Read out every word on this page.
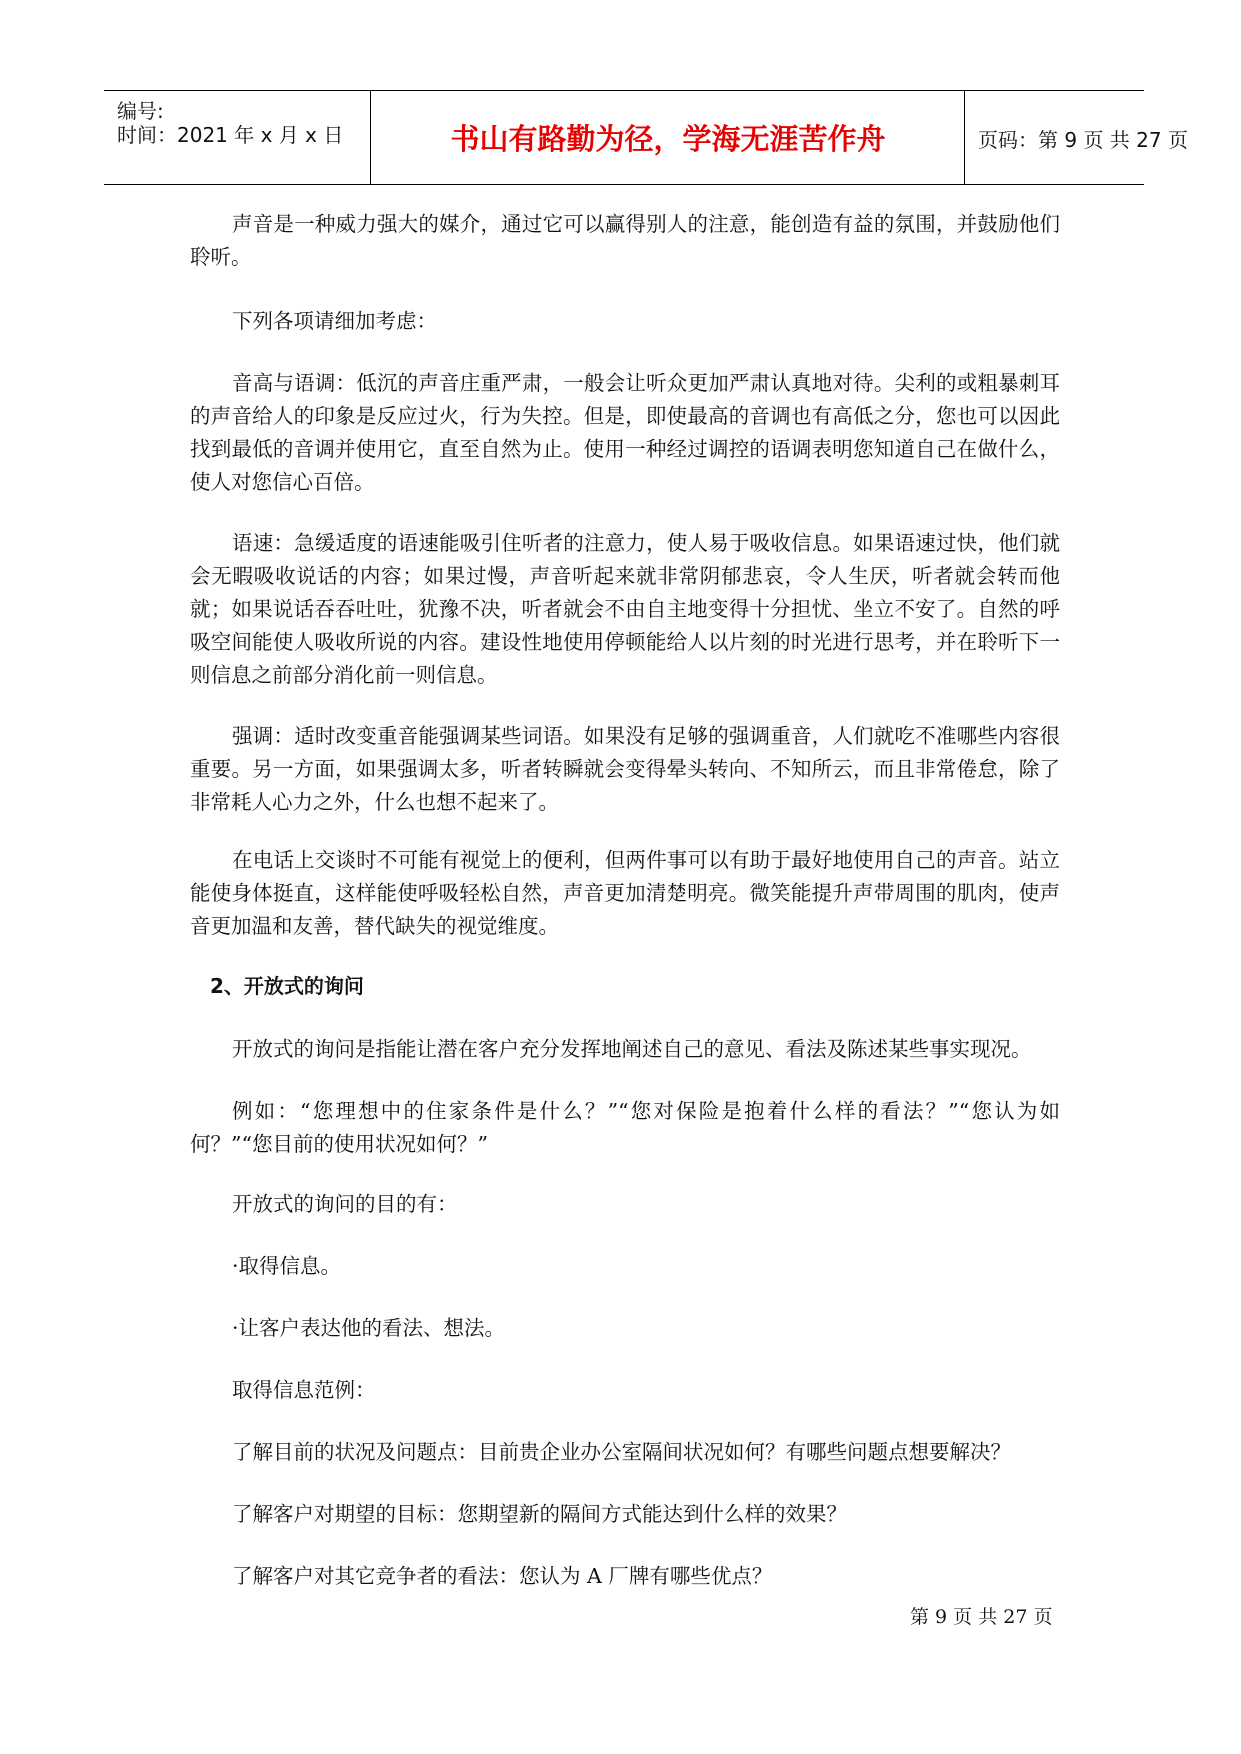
编号:
时间：2021 年 x 月 x 日	书山有路勤为径，学海无涯苦作舟	页码：第 9 页 共 27 页

声音是一种威力强大的媒介，通过它可以赢得别人的注意，能创造有益的氛围，并鼓励他们聆听。

下列各项请细加考虑：

音高与语调：低沉的声音庄重严肃，一般会让听众更加严肃认真地对待。尖利的或粗暴刺耳的声音给人的印象是反应过火，行为失控。但是，即使最高的音调也有高低之分，您也可以因此找到最低的音调并使用它，直至自然为止。使用一种经过调控的语调表明您知道自己在做什么，使人对您信心百倍。

语速：急缓适度的语速能吸引住听者的注意力，使人易于吸收信息。如果语速过快，他们就会无暇吸收说话的内容；如果过慢，声音听起来就非常阴郁悲哀，令人生厌，听者就会转而他就；如果说话吞吞吐吐，犹豫不决，听者就会不由自主地变得十分担忧、坐立不安了。自然的呼吸空间能使人吸收所说的内容。建设性地使用停顿能给人以片刻的时光进行思考，并在聆听下一则信息之前部分消化前一则信息。

强调：适时改变重音能强调某些词语。如果没有足够的强调重音，人们就吃不准哪些内容很重要。另一方面，如果强调太多，听者转瞬就会变得晕头转向、不知所云，而且非常倦怠，除了非常耗人心力之外，什么也想不起来了。

在电话上交谈时不可能有视觉上的便利，但两件事可以有助于最好地使用自己的声音。站立能使身体挺直，这样能使呼吸轻松自然，声音更加清楚明亮。微笑能提升声带周围的肌肉，使声音更加温和友善，替代缺失的视觉维度。

2、开放式的询问

开放式的询问是指能让潜在客户充分发挥地阐述自己的意见、看法及陈述某些事实现况。

例如：“您理想中的住家条件是什么？”“您对保险是抱着什么样的看法？”“您认为如何？”“您目前的使用状况如何？”

开放式的询问的目的有：

·取得信息。

·让客户表达他的看法、想法。

取得信息范例：

了解目前的状况及问题点：目前贵企业办公室隔间状况如何？有哪些问题点想要解决？

了解客户对期望的目标：您期望新的隔间方式能达到什么样的效果？

了解客户对其它竞争者的看法：您认为 A 厂牌有哪些优点？

第 9 页 共 27 页
